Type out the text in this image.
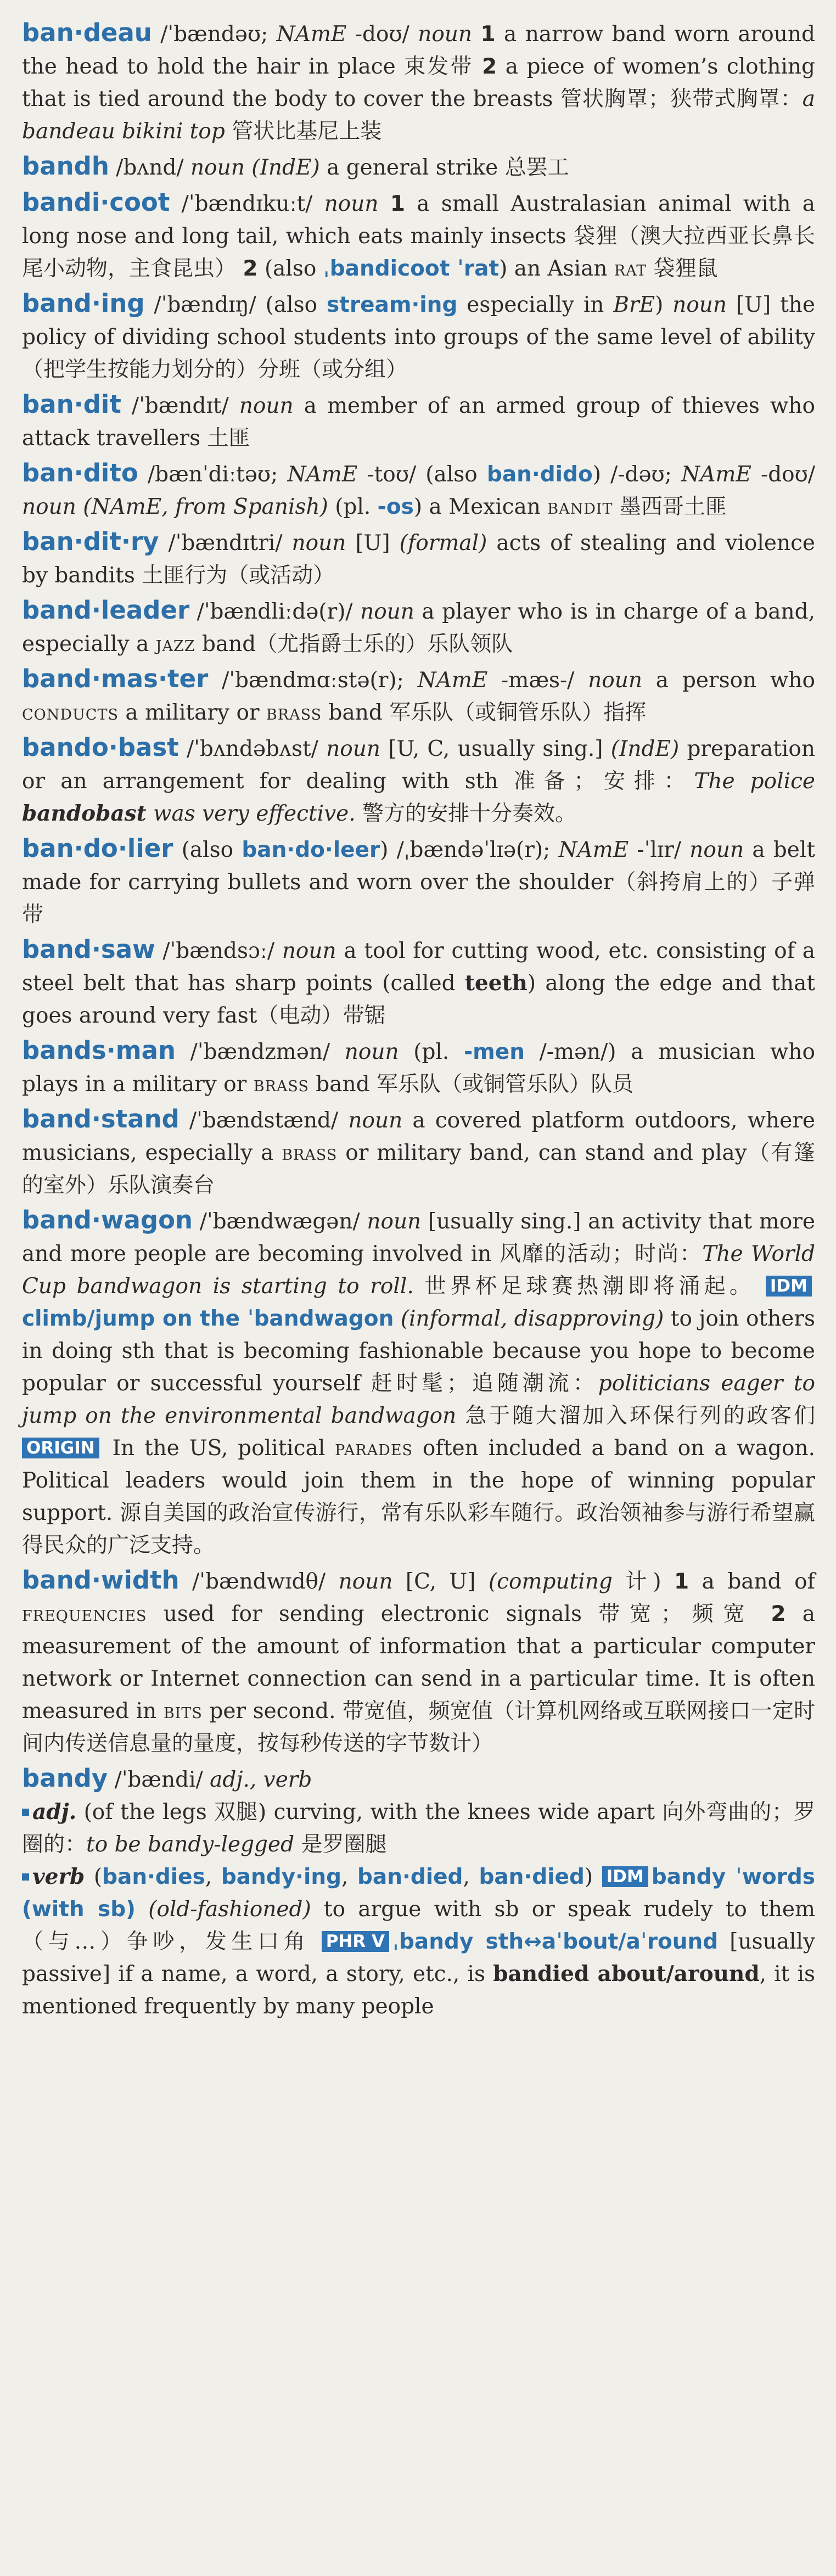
ban·deau /ˈbændəʊ; NAmE -doʊ/ noun 1 a narrow band worn around the head to hold the hair in place 束发带 2 a piece of women’s clothing that is tied around the body to cover the breasts 管状胸罩；狭带式胸罩：a bandeau bikini top 管状比基尼上装
bandh /bʌnd/ noun (IndE) a general strike 总罢工
bandi·coot /ˈbændɪkuːt/ noun 1 a small Australasian animal with a long nose and long tail, which eats mainly insects 袋狸（澳大拉西亚长鼻长尾小动物，主食昆虫） 2 (also ˌbandicoot ˈrat) an Asian rat 袋狸鼠
band·ing /ˈbændɪŋ/ (also stream·ing especially in BrE) noun [U] the policy of dividing school students into groups of the same level of ability（把学生按能力划分的）分班（或分组）
ban·dit /ˈbændɪt/ noun a member of an armed group of thieves who attack travellers 土匪
ban·dito /bænˈdiːtəʊ; NAmE -toʊ/ (also ban·dido) /-dəʊ; NAmE -doʊ/ noun (NAmE, from Spanish) (pl. -os) a Mexican bandit 墨西哥土匪
ban·dit·ry /ˈbændɪtri/ noun [U] (formal) acts of stealing and violence by bandits 土匪行为（或活动）
band·leader /ˈbændliːdə(r)/ noun a player who is in charge of a band, especially a jazz band（尤指爵士乐的）乐队领队
band·mas·ter /ˈbændmɑːstə(r); NAmE -mæs-/ noun a person who conducts a military or brass band 军乐队（或铜管乐队）指挥
bando·bast /ˈbʌndəbʌst/ noun [U, C, usually sing.] (IndE) preparation or an arrangement for dealing with sth 准备；安排：The police bandobast was very effective. 警方的安排十分奏效。
ban·do·lier (also ban·do·leer) /ˌbændəˈlɪə(r); NAmE -ˈlɪr/ noun a belt made for carrying bullets and worn over the shoulder（斜挎肩上的）子弹带
band·saw /ˈbændsɔː/ noun a tool for cutting wood, etc. consisting of a steel belt that has sharp points (called teeth) along the edge and that goes around very fast（电动）带锯
bands·man /ˈbændzmən/ noun (pl. -men /-mən/) a musician who plays in a military or brass band 军乐队（或铜管乐队）队员
band·stand /ˈbændstænd/ noun a covered platform outdoors, where musicians, especially a brass or military band, can stand and play（有篷的室外）乐队演奏台
band·wagon /ˈbændwægən/ noun [usually sing.] an activity that more and more people are becoming involved in 风靡的活动；时尚：The World Cup bandwagon is starting to roll. 世界杯足球赛热潮即将涌起。 IDMclimb/jump on the ˈbandwagon (informal, disapproving) to join others in doing sth that is becoming fashionable because you hope to become popular or successful yourself 赶时髦；追随潮流：politicians eager to jump on the environmental bandwagon 急于随大溜加入环保行列的政客们 ORIGIN In the US, political parades often included a band on a wagon. Political leaders would join them in the hope of winning popular support. 源自美国的政治宣传游行，常有乐队彩车随行。政治领袖参与游行希望赢得民众的广泛支持。
band·width /ˈbændwɪdθ/ noun [C, U] (computing 计) 1 a band of frequencies used for sending electronic signals 带宽；频宽 2 a measurement of the amount of information that a particular computer network or Internet connection can send in a particular time. It is often measured in bits per second. 带宽值，频宽值（计算机网络或互联网接口一定时间内传送信息量的量度，按每秒传送的字节数计）
bandy /ˈbændi/ adj., verb
adj. (of the legs 双腿) curving, with the knees wide apart 向外弯曲的；罗圈的：to be bandy-legged 是罗圈腿
verb (ban·dies, bandy·ing, ban·died, ban·died) IDM bandy ˈwords (with sb) (old-fashioned) to argue with sb or speak rudely to them（与…）争吵，发生口角 PHR V ˌbandy sth↔aˈbout/aˈround [usually passive] if a name, a word, a story, etc., is bandied about/around, it is mentioned frequently by many people
